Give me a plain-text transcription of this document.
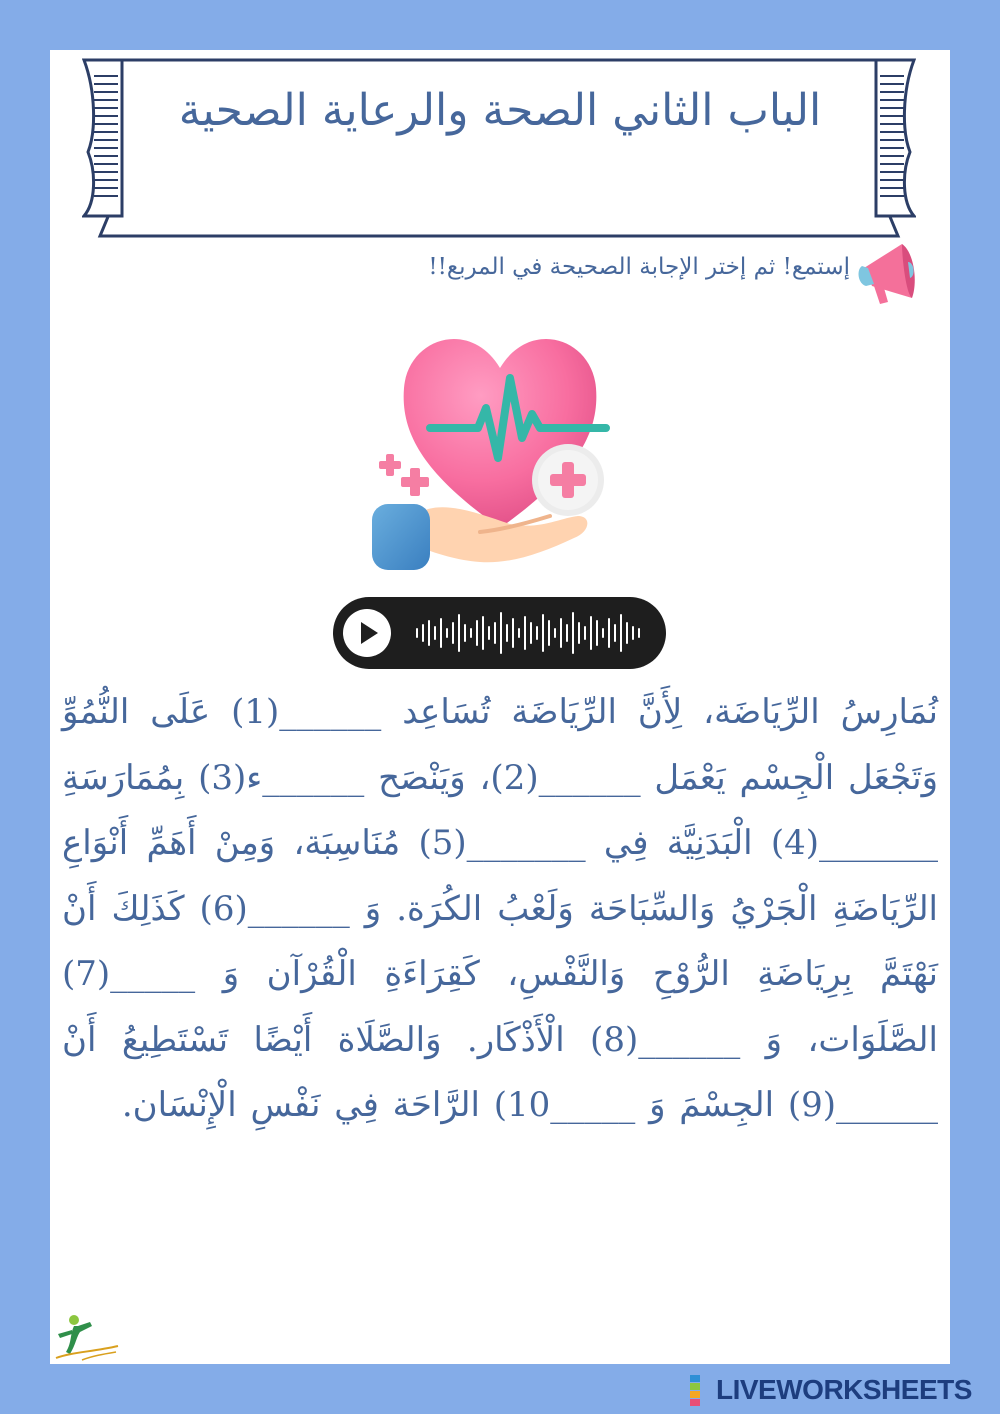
الباب الثاني الصحة والرعاية الصحية
إستمع! ثم إختر الإجابة الصحيحة في المربع!!
نُمَارِسُ الرِّيَاضَة، لِأَنَّ الرِّيَاضَة تُسَاعِد ______(1) عَلَى النُّمُوِّ وَتَجْعَل الْجِسْم يَعْمَل ______(2)، وَيَنْصَح ______ء(3) بِمُمَارَسَةِ _______(4) الْبَدَنِيَّة فِي _______(5) مُنَاسِبَة، وَمِنْ أَهَمِّ أَنْوَاعِ الرِّيَاضَةِ الْجَرْيُ وَالسِّبَاحَة وَلَعْبُ الكُرَة. وَ ______(6) كَذَلِكَ أَنْ نَهْتَمَّ بِرِيَاضَةِ الرُّوْحِ وَالنَّفْسِ، كَقِرَاءَةِ الْقُرْآن وَ _____(7) الصَّلَوَات، وَ ______(8) الْأَذْكَار. وَالصَّلَاة أَيْضًا تَسْتَطِيعُ أَنْ ______(9) الجِسْمَ وَ _____10) الرَّاحَة فِي نَفْسِ الْإِنْسَان.
LIVEWORKSHEETS
